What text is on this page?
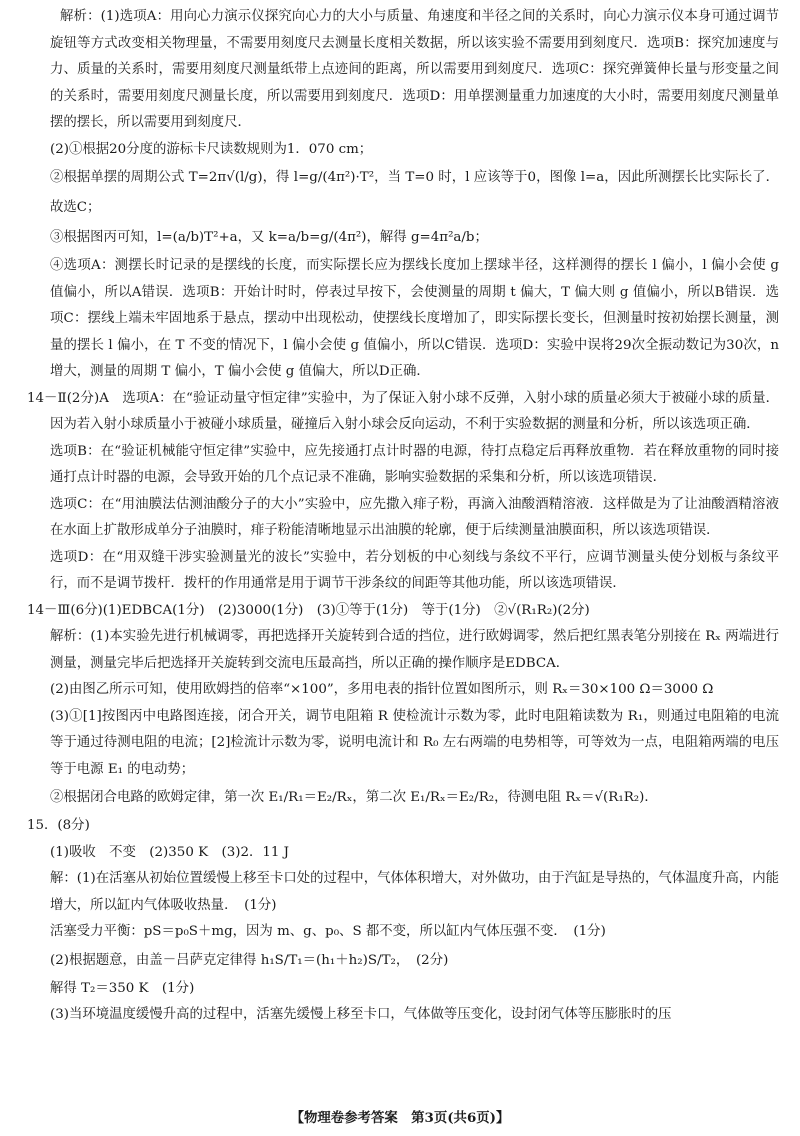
解析：(1)选项A：用向心力演示仪探究向心力的大小与质量、角速度和半径之间的关系时，向心力演示仪本身可通过调节旋钮等方式改变相关物理量，不需要用刻度尺去测量长度相关数据，所以该实验不需要用到刻度尺．选项B：探究加速度与力、质量的关系时，需要用刻度尺测量纸带上点迹间的距离，所以需要用到刻度尺．选项C：探究弹簧伸长量与形变量之间的关系时，需要用刻度尺测量长度，所以需要用到刻度尺．选项D：用单摆测量重力加速度的大小时，需要用刻度尺测量单摆的摆长，所以需要用到刻度尺．

(2)①根据20分度的游标卡尺读数规则为1．070 cm；

②根据单摆的周期公式 T=2π√(l/g)，得 l=g/(4π²)·T²，当 T=0 时，l 应该等于0，图像 l=a，因此所测摆长比实际长了．故选C；

③根据图丙可知，l=(a/b)T²+a，又 k=a/b=g/(4π²)，解得 g=4π²a/b；

④选项A：测摆长时记录的是摆线的长度，而实际摆长应为摆线长度加上摆球半径，这样测得的摆长 l 偏小，l 偏小会使 g 值偏小，所以A错误．选项B：开始计时时，停表过早按下，会使测量的周期 t 偏大，T 偏大则 g 值偏小，所以B错误．选项C：摆线上端未牢固地系于悬点，摆动中出现松动，使摆线长度增加了，即实际摆长变长，但测量时按初始摆长测量，测量的摆长 l 偏小，在 T 不变的情况下，l 偏小会使 g 值偏小，所以C错误．选项D：实验中误将29次全振动数记为30次，n 增大，测量的周期 T 偏小，T 偏小会使 g 值偏大，所以D正确．

14－Ⅱ(2分)A　选项A：在“验证动量守恒定律”实验中，为了保证入射小球不反弹，入射小球的质量必须大于被碰小球的质量．因为若入射小球质量小于被碰小球质量，碰撞后入射小球会反向运动，不利于实验数据的测量和分析，所以该选项正确．

选项B：在“验证机械能守恒定律”实验中，应先接通打点计时器的电源，待打点稳定后再释放重物．若在释放重物的同时接通打点计时器的电源，会导致开始的几个点记录不准确，影响实验数据的采集和分析，所以该选项错误．

选项C：在“用油膜法估测油酸分子的大小”实验中，应先撒入痱子粉，再滴入油酸酒精溶液．这样做是为了让油酸酒精溶液在水面上扩散形成单分子油膜时，痱子粉能清晰地显示出油膜的轮廓，便于后续测量油膜面积，所以该选项错误．

选项D：在“用双缝干涉实验测量光的波长”实验中，若分划板的中心刻线与条纹不平行，应调节测量头使分划板与条纹平行，而不是调节拨杆．拨杆的作用通常是用于调节干涉条纹的间距等其他功能，所以该选项错误．

14－Ⅲ(6分)(1)EDBCA(1分)　(2)3000(1分)　(3)①等于(1分)　等于(1分)　②√(R₁R₂)(2分)

解析：(1)本实验先进行机械调零，再把选择开关旋转到合适的挡位，进行欧姆调零，然后把红黑表笔分别接在 Rₓ 两端进行测量，测量完毕后把选择开关旋转到交流电压最高挡，所以正确的操作顺序是EDBCA．

(2)由图乙所示可知，使用欧姆挡的倍率“×100”，多用电表的指针位置如图所示，则 Rₓ＝30×100 Ω＝3000 Ω

(3)①[1]按图丙中电路图连接，闭合开关，调节电阻箱 R 使检流计示数为零，此时电阻箱读数为 R₁，则通过电阻箱的电流等于通过待测电阻的电流；[2]检流计示数为零，说明电流计和 R₀ 左右两端的电势相等，可等效为一点，电阻箱两端的电压等于电源 E₁ 的电动势；

②根据闭合电路的欧姆定律，第一次 E₁/R₁＝E₂/Rₓ，第二次 E₁/Rₓ＝E₂/R₂，待测电阻 Rₓ＝√(R₁R₂)．

15．(8分)

(1)吸收　不变　(2)350 K　(3)2．11 J

解：(1)在活塞从初始位置缓慢上移至卡口处的过程中，气体体积增大，对外做功，由于汽缸是导热的，气体温度升高，内能增大，所以缸内气体吸收热量．　(1分)

活塞受力平衡：pS＝p₀S＋mg，因为 m、g、p₀、S 都不变，所以缸内气体压强不变．　(1分)

(2)根据题意，由盖－吕萨克定律得 h₁S/T₁＝(h₁＋h₂)S/T₂，　(2分)

解得 T₂＝350 K　(1分)

(3)当环境温度缓慢升高的过程中，活塞先缓慢上移至卡口，气体做等压变化，设封闭气体等压膨胀时的压

【物理卷参考答案　第3页(共6页)】
